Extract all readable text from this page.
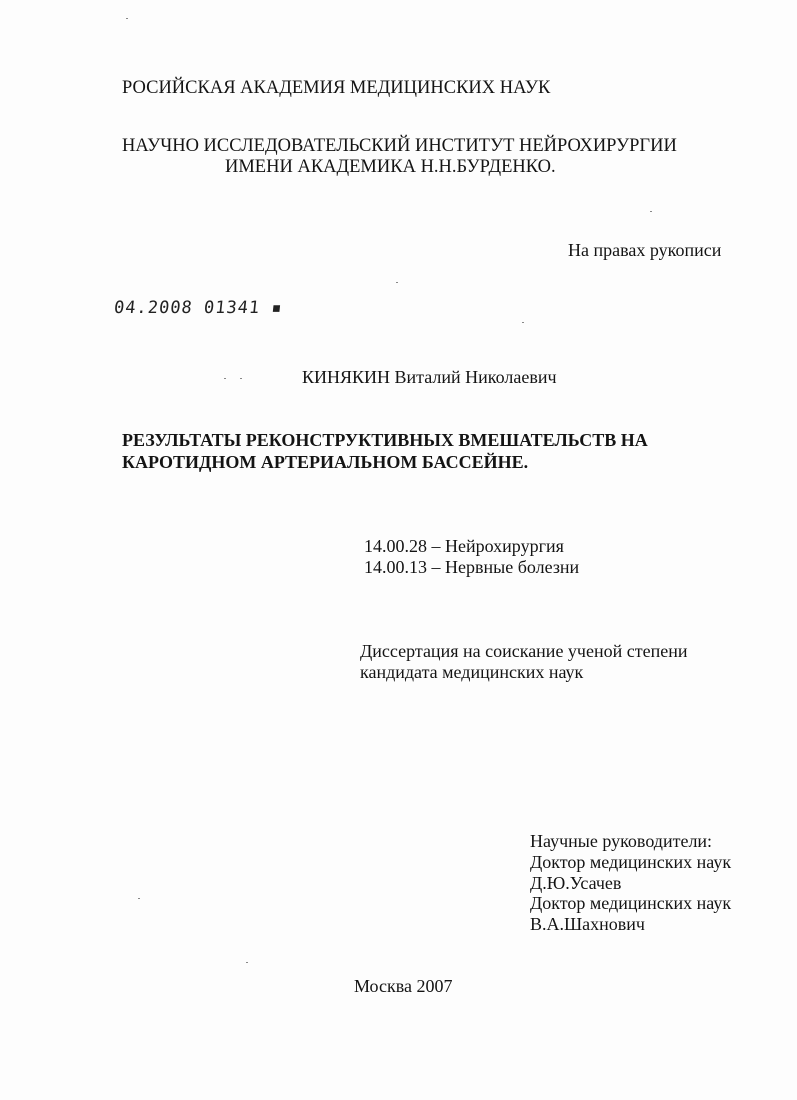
РОСИЙСКАЯ АКАДЕМИЯ МЕДИЦИНСКИХ НАУК
НАУЧНО ИССЛЕДОВАТЕЛЬСКИЙ ИНСТИТУТ НЕЙРОХИРУРГИИ
ИМЕНИ АКАДЕМИКА Н.Н.БУРДЕНКО.
На правах рукописи
04.2008 01341 ▪
КИНЯКИН Виталий Николаевич
РЕЗУЛЬТАТЫ РЕКОНСТРУКТИВНЫХ ВМЕШАТЕЛЬСТВ НА
КАРОТИДНОМ АРТЕРИАЛЬНОМ БАССЕЙНЕ.
14.00.28 – Нейрохирургия
14.00.13 – Нервные болезни
Диссертация на соискание ученой степени
кандидата медицинских наук
Научные руководители:
Доктор медицинских наук
Д.Ю.Усачев
Доктор медицинских наук
В.А.Шахнович
Москва 2007
